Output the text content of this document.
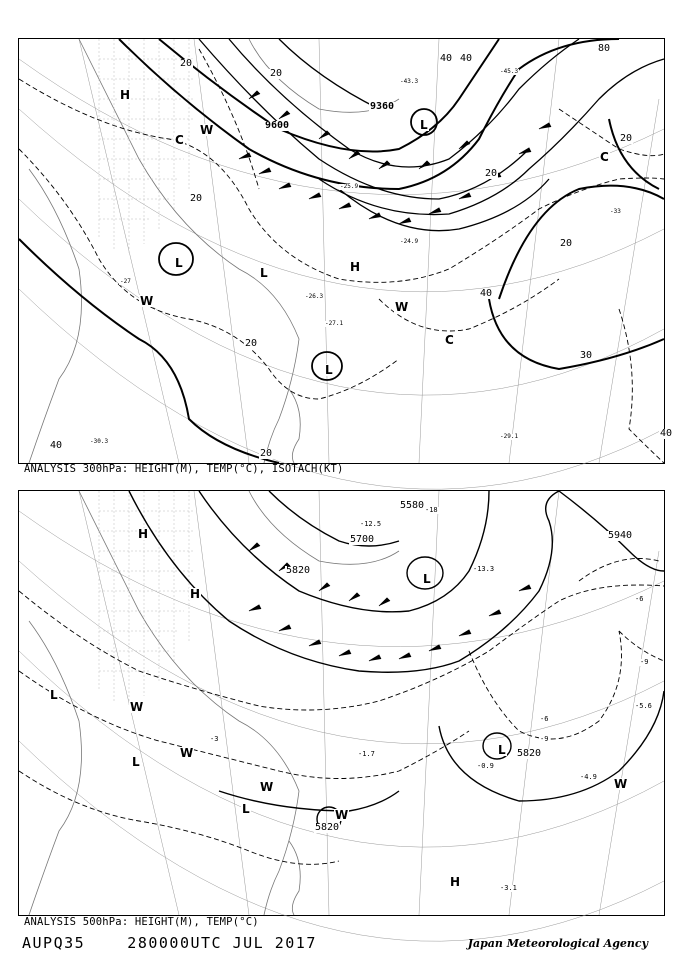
H
L
L
L
L
H
C
C
C
W
W
W
9360
9600
40 40
20
20
20
20
20
20
40
20
80
40
20
30
40
-29.1
-27
-26.3
-24.9
-33
-43.3
-45.3
-25.9
-27.1
-30.3
ANALYSIS 300hPa: HEIGHT(M), TEMP(°C), ISOTACH(KT)
H
H
L
L
L
L
L
H
W
W
W
W
W
5580
5700
5820
5940
5820
5820
-3
-6
-6
-9
-9
-18
-12.5
-13.3
-3.1
-4.9
-5.6
-1.7
-0.9
ANALYSIS 500hPa: HEIGHT(M), TEMP(°C)
AUPQ35    280000UTC JUL 2017	Japan Meteorological Agency
